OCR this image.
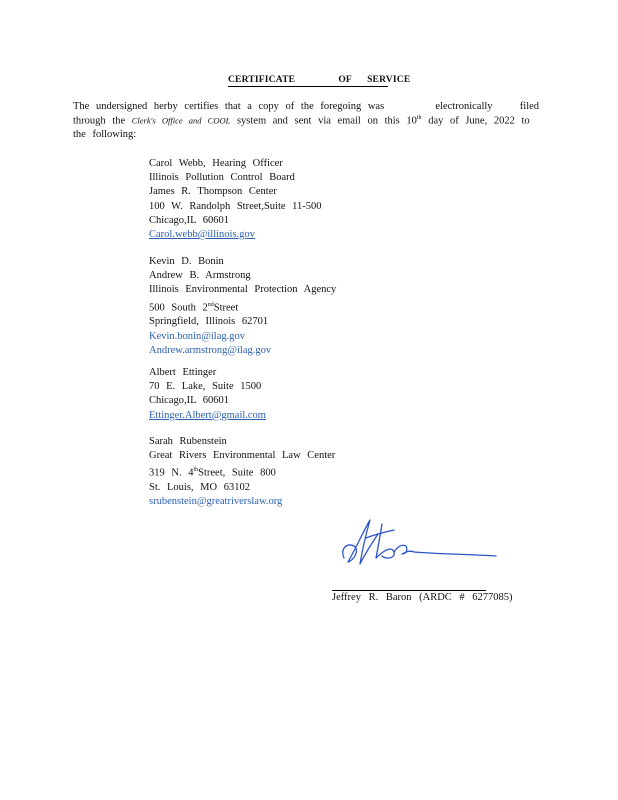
CERTIFICATE	OF SERVICE
The undersigned herby certifies that a copy of the foregoing was	electronically	filed
through the Clerk's Office and COOL system and sent via email on this 10th day of June, 2022 to
the following:
Carol Webb, Hearing Officer
Illinois Pollution Control Board
James R. Thompson Center
100 W. Randolph Street,Suite 11-500
Chicago,IL 60601
Carol.webb@illinois.gov
Kevin D. Bonin
Andrew B. Armstrong
Illinois Environmental Protection Agency
500 South 2ndStreet
Springfield, Illinois 62701
Kevin.bonin@ilag.gov
Andrew.armstrong@ilag.gov
Albert Ettinger
70 E. Lake, Suite 1500
Chicago,IL 60601
Ettinger.Albert@gmail.com
Sarah Rubenstein
Great Rivers Environmental Law Center
319 N. 4thStreet, Suite 800
St. Louis, MO 63102
srubenstein@greatriverslaw.org
Jeffrey R. Baron (ARDC # 6277085)
